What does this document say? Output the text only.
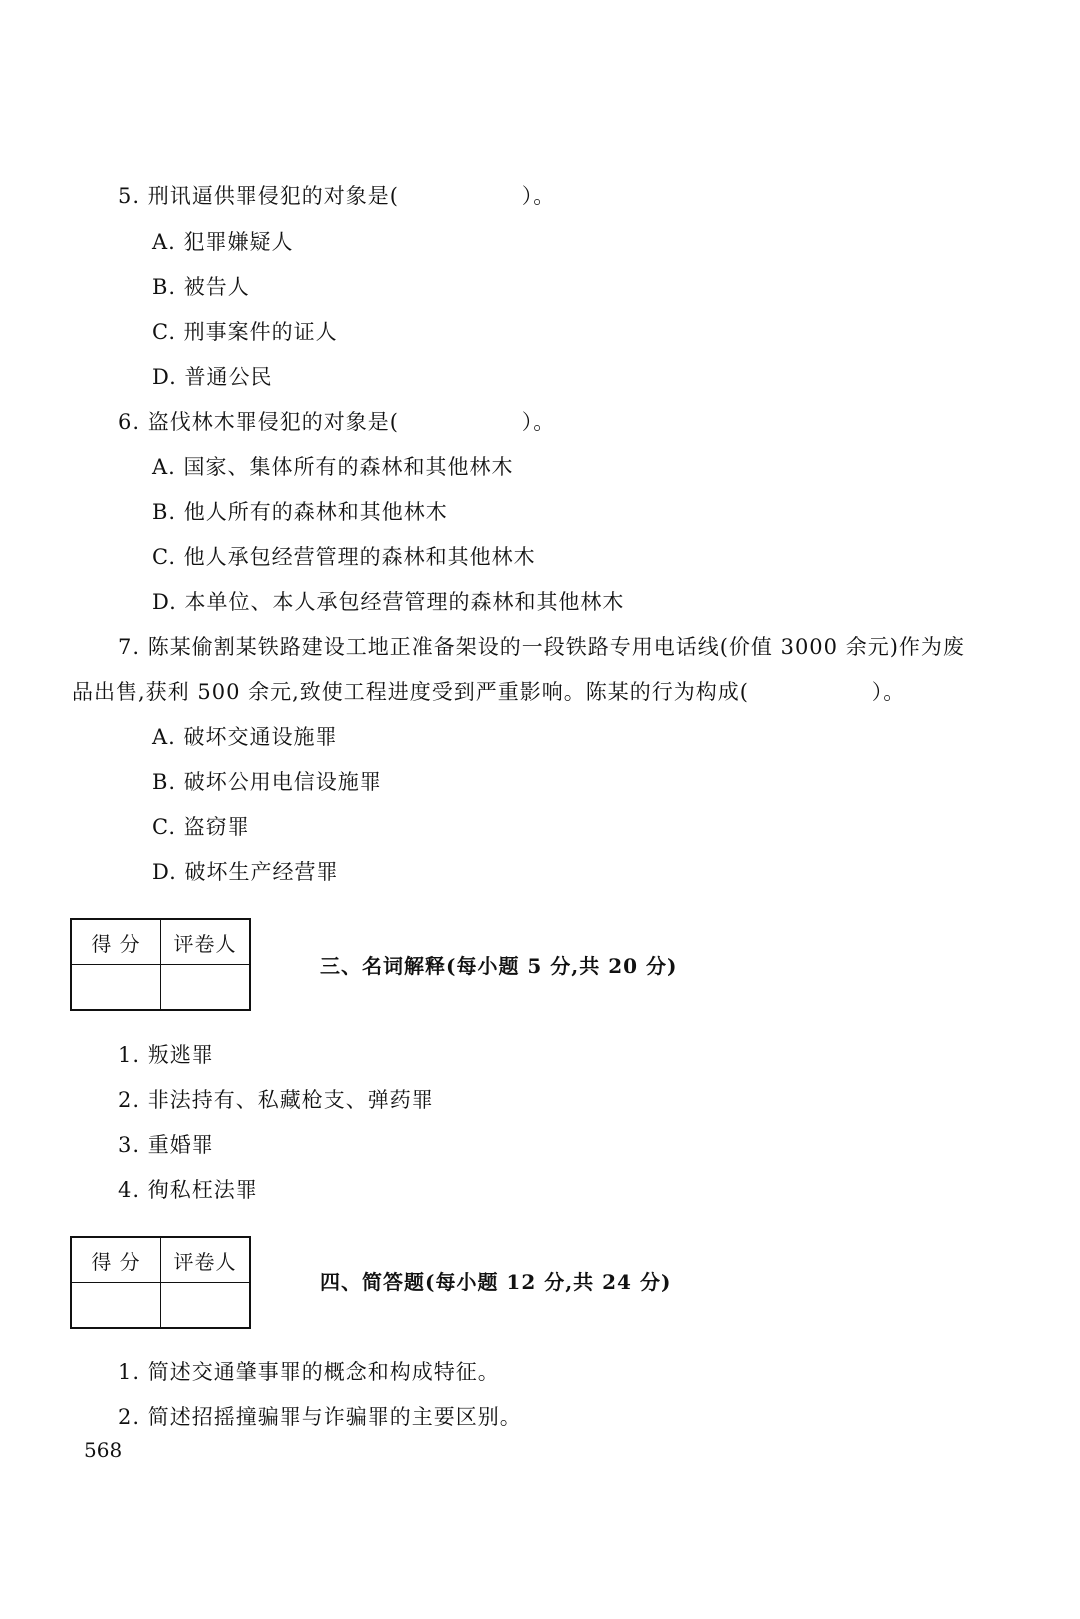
5. 刑讯逼供罪侵犯的对象是(                ）。
A. 犯罪嫌疑人
B. 被告人
C. 刑事案件的证人
D. 普通公民
6. 盗伐林木罪侵犯的对象是(                ）。
A. 国家、集体所有的森林和其他林木
B. 他人所有的森林和其他林木
C. 他人承包经营管理的森林和其他林木
D. 本单位、本人承包经营管理的森林和其他林木
7. 陈某偷割某铁路建设工地正准备架设的一段铁路专用电话线(价值 3000 余元)作为废
品出售,获利 500 余元,致使工程进度受到严重影响。陈某的行为构成(                ）。
A. 破坏交通设施罪
B. 破坏公用电信设施罪
C. 盗窃罪
D. 破坏生产经营罪
得 分	评卷人

三、名词解释(每小题 5 分,共 20 分)
1. 叛逃罪
2. 非法持有、私藏枪支、弹药罪
3. 重婚罪
4. 徇私枉法罪
得 分	评卷人

四、简答题(每小题 12 分,共 24 分)
1. 简述交通肇事罪的概念和构成特征。
2. 简述招摇撞骗罪与诈骗罪的主要区别。
568
